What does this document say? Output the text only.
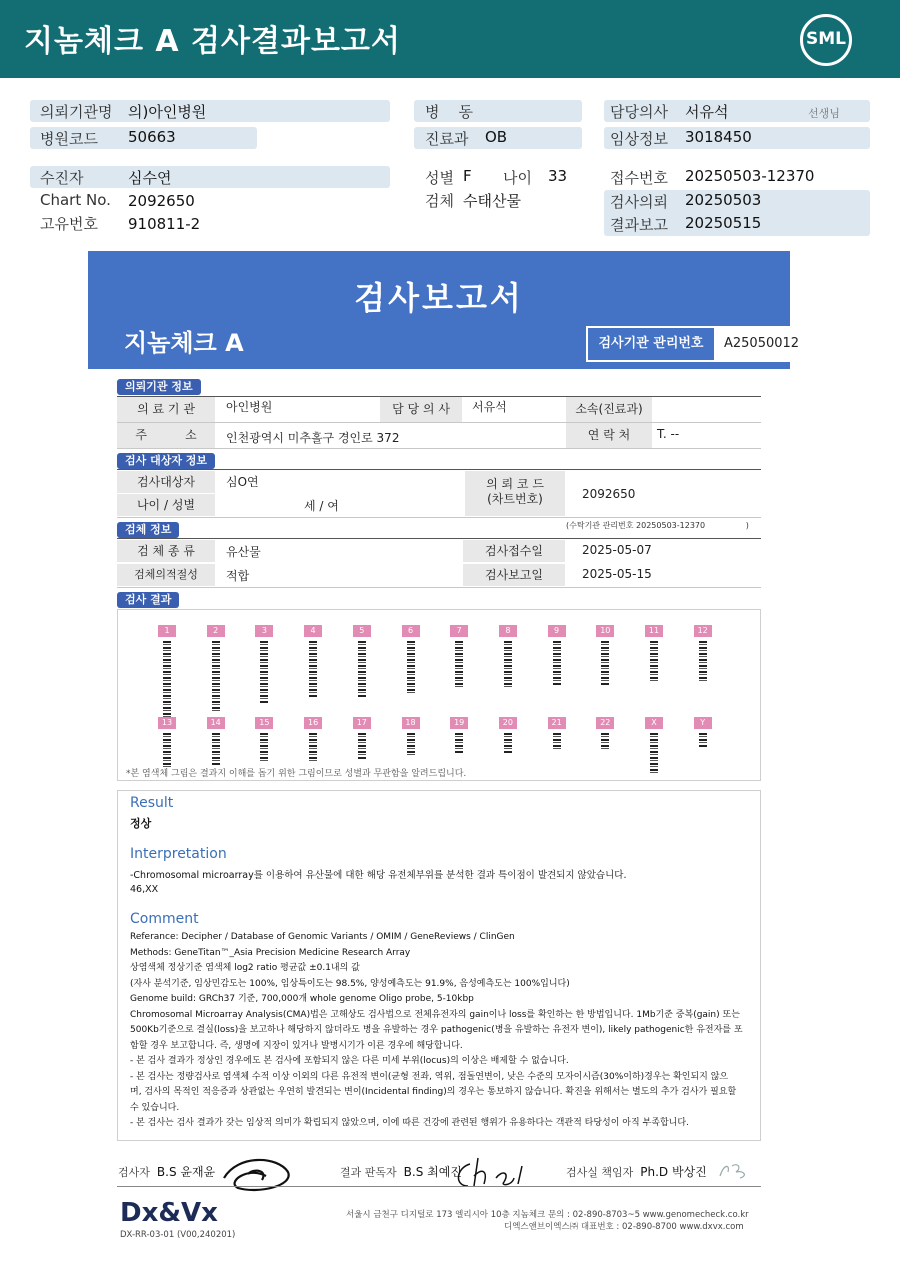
지놈체크 A 검사결과보고서	SML
의뢰기관명 의)아인병원
병원코드 50663
병    동
진료과 OB
담당의사 서유석	선생님
임상정보 3018450
수진자	심수연
Chart No. 2092650
고유번호 910811-2
성별 F 나이 33
검체 수태산물
접수번호 20250503-12370
검사의뢰 20250503
결과보고 20250515
검사보고서
지놈체크 A	검사기관 관리번호	A25050012
의뢰기관 정보
의 료 기 관	아인병원	담 당 의 사	서유석	소속(진료과)
주          소	인천광역시 미추홀구 경인로 372	연 락 처	T. --
검사 대상자 정보
검사대상자	심O연
나이 / 성별	세 / 여
의 뢰 코 드
(차트번호)	2092650
검체 정보	(수탁기관 관리번호 20250503-12370                )
검 체 종 류	유산물	검사접수일	2025-05-07
검체의적절성	적합	검사보고일	2025-05-15
검사 결과
1	2	3	4	5	6	7	8	9	10	11	12
13	14	15	16	17	18	19	20	21	22	X	Y
*본 염색체 그림은 결과지 이해를 돕기 위한 그림이므로 성별과 무관함을 알려드립니다.
Result
정상
Interpretation
-Chromosomal microarray를 이용하여 유산물에 대한 해당 유전체부위를 분석한 결과 특이점이 발견되지 않았습니다.
46,XX
Comment
Referance: Decipher / Database of Genomic Variants / OMIM / GeneReviews / ClinGen
Methods: GeneTitan™_Asia Precision Medicine Research Array
상염색체 정상기준 염색체 log2 ratio 평균값 ±0.1내의 값
(자사 분석기준, 임상민감도는 100%, 임상특이도는 98.5%, 양성예측도는 91.9%, 음성예측도는 100%입니다)
Genome build: GRCh37 기준, 700,000개 whole genome Oligo probe, 5-10kbp
Chromosomal Microarray Analysis(CMA)법은 고해상도 검사법으로 전체유전자의 gain이나 loss를 확인하는 한 방법입니다. 1Mb기준 중복(gain) 또는
500Kb기준으로 결실(loss)을 보고하나 해당하지 않더라도 병을 유발하는 경우 pathogenic(병을 유발하는 유전자 변이), likely pathogenic한 유전자를 포
함할 경우 보고합니다. 즉, 생명에 지장이 있거나 발병시기가 이른 경우에 해당합니다.
- 본 검사 결과가 정상인 경우에도 본 검사에 포함되지 않은 다른 미세 부위(locus)의 이상은 배제할 수 없습니다.
- 본 검사는 정량검사로 염색체 수적 이상 이외의 다른 유전적 변이(균형 전좌, 역위, 점돌연변이, 낮은 수준의 모자이시즘(30%이하)경우는 확인되지 않으
며, 검사의 목적인 적응증과 상관없는 우연히 발견되는 변이(Incidental finding)의 경우는 통보하지 않습니다. 확진을 위해서는 별도의 추가 검사가 필요할
수 있습니다.
- 본 검사는 검사 결과가 갖는 임상적 의미가 확립되지 않았으며, 이에 따른 건강에 관련된 행위가 유용하다는 객관적 타당성이 아직 부족합니다.
검사자 B.S 윤재윤	결과 판독자 B.S 최예진	검사실 책임자 Ph.D 박상진
Dx&Vx
DX-RR-03-01 (V00,240201)
서울시 금천구 디지털로 173 엘리시아 10층 지놈체크 문의 : 02-890-8703~5 www.genomecheck.co.kr
디엑스앤브이엑스㈜ 대표번호 : 02-890-8700 www.dxvx.com
